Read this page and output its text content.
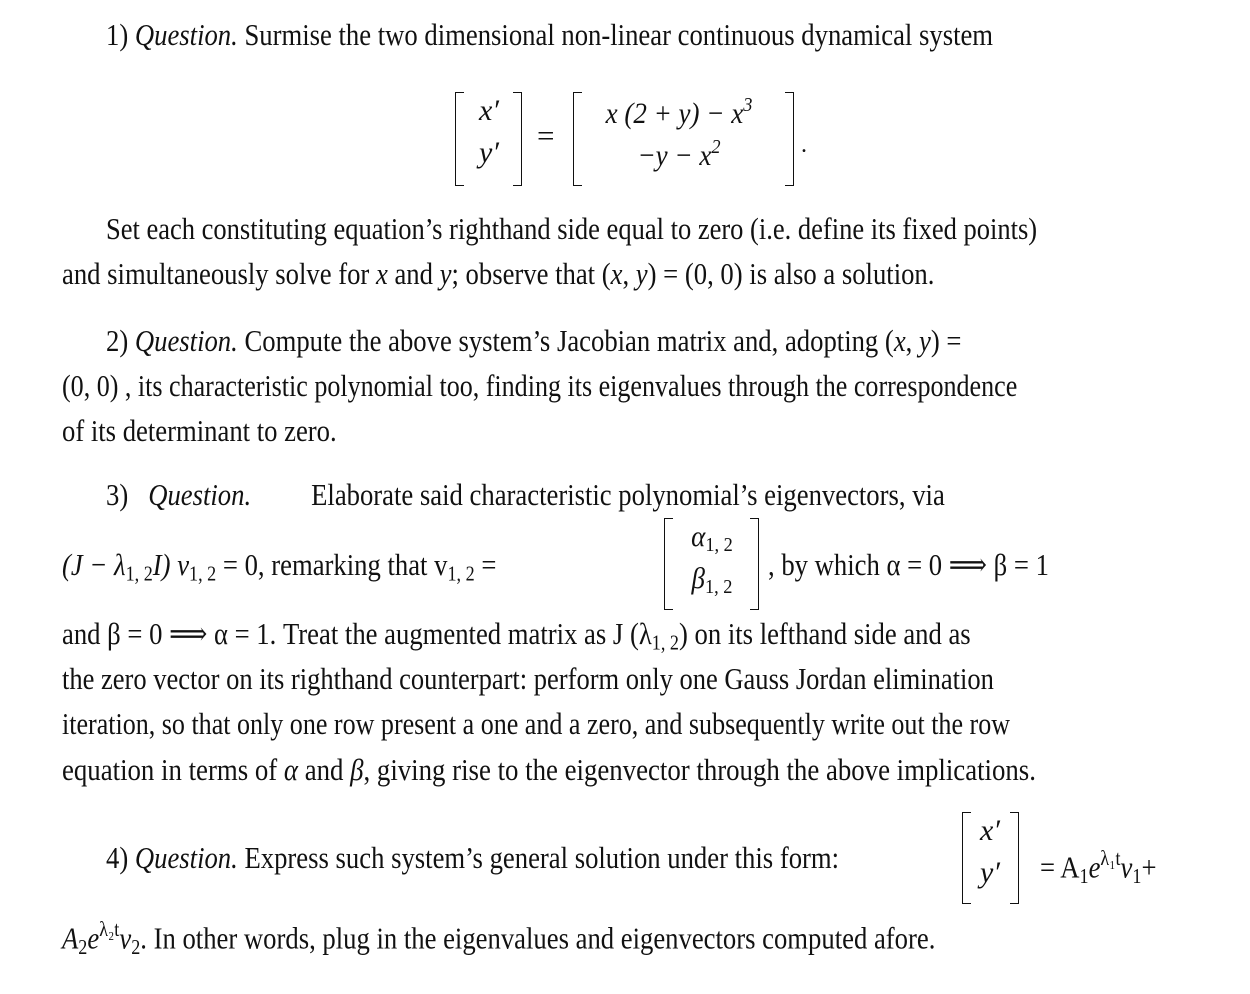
1) Question. Surmise the two dimensional non-linear continuous dynamical system
x′
y′	=
x $(2 + y) - x^3$
$-y - x^2$	.
Set each constituting equation’s righthand side equal to zero (i.e. define its fixed points)
and simultaneously solve for x and y; observe that (x, y) = (0, 0) is also a solution.
2) Question. Compute the above system’s Jacobian matrix and, adopting (x, y) =
(0, 0) , its characteristic polynomial too, finding its eigenvalues through the correspondence
of its determinant to zero.
3) Question. Elaborate said characteristic polynomial’s eigenvectors, via
$(J - \lambda_{1, 2}I)$ $v_{1, 2} = 0$, remarking that $v_{1, 2}$ =
$\alpha_{1, 2}$
$\beta_{1, 2}$
, by which α = 0 ⟹ β = 1
and β = 0 ⟹ α = 1. Treat the augmented matrix as J $(\lambda_{1, 2})$ on its lefthand side and as
the zero vector on its righthand counterpart: perform only one Gauss Jordan elimination
iteration, so that only one row present a one and a zero, and subsequently write out the row
equation in terms of α and β, giving rise to the eigenvector through the above implications.
4) Question. Express such system’s general solution under this form:
x′
y′	= $A_1e^{\lambda_1t}v_1+$
$A_2e^{\lambda_2t}v_2$. In other words, plug in the eigenvalues and eigenvectors computed afore.
